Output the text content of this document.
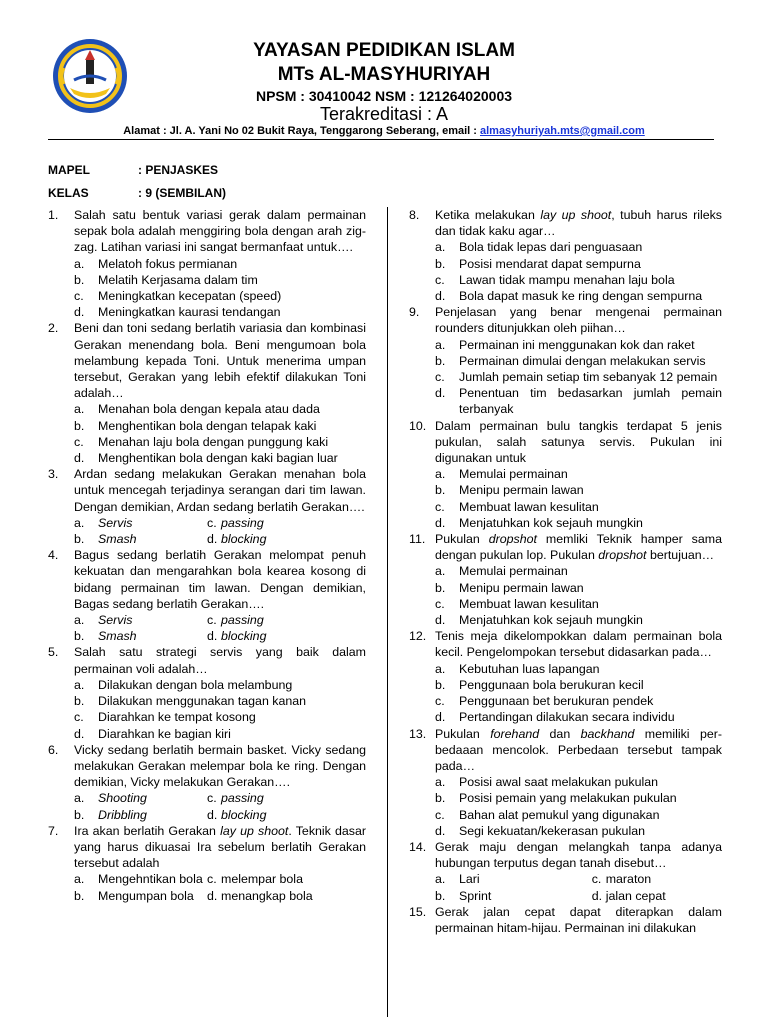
YAYASAN PEDIDIKAN ISLAM
MTs AL-MASYHURIYAH
NPSM : 30410042 NSM : 121264020003
Terakreditasi : A
Alamat : Jl. A. Yani No 02 Bukit Raya, Tenggarong Seberang, email : almasyhuriyah.mts@gmail.com
MAPEL	: PENJASKES
KELAS	: 9 (SEMBILAN)
1.	Salah satu bentuk variasi gerak dalam permainan sepak bola adalah menggiring bola dengan arah zig-zag. Latihan variasi ini sangat bermanfaat untuk….
a. Melatoh fokus permianan
b. Melatih Kerjasama dalam tim
c. Meningkatkan kecepatan (speed)
d. Meningkatkan kaurasi tendangan
2.	Beni dan toni sedang berlatih variasia dan kombinasi Gerakan menendang bola. Beni mengumoan bola melambung kepada Toni. Untuk menerima umpan tersebut, Gerakan yang lebih efektif dilakukan Toni adalah…
a. Menahan bola dengan kepala atau dada
b. Menghentikan bola dengan telapak kaki
c. Menahan laju bola dengan punggung kaki
d. Menghentikan bola dengan kaki bagian luar
3.	Ardan sedang melakukan Gerakan menahan bola untuk mencegah terjadinya serangan dari tim lawan. Dengan demikian, Ardan sedang berlatih Gerakan….
a.	Servis	c. passing
b.	Smash	d. blocking
4.	Bagus sedang berlatih Gerakan melompat penuh kekuatan dan mengarahkan bola kearea kosong di bidang permainan tim lawan. Dengan demikian, Bagas sedang berlatih Gerakan….
a.	Servis	c. passing
b.	Smash	d. blocking
5.	Salah satu strategi servis yang baik dalam permainan voli adalah…
a. Dilakukan dengan bola melambung
b. Dilakukan menggunakan tagan kanan
c. Diarahkan ke tempat kosong
d. Diarahkan ke bagian kiri
6.	Vicky sedang berlatih bermain basket. Vicky sedang melakukan Gerakan melempar bola ke ring. Dengan demikian, Vicky melakukan Gerakan….
a.	Shooting	c. passing
b.	Dribbling	d. blocking
7.	Ira akan berlatih Gerakan lay up shoot. Teknik dasar yang harus dikuasai Ira sebelum berlatih Gerakan tersebut adalah
a.	Mengehntikan bola c. melempar bola
b.	Mengumpan bola d. menangkap bola
8.	Ketika melakukan lay up shoot, tubuh harus rileks dan tidak kaku agar…
a. Bola tidak lepas dari penguasaan
b. Posisi mendarat dapat sempurna
c. Lawan tidak mampu menahan laju bola
d. Bola dapat masuk ke ring dengan sempurna
9.	Penjelasan yang benar mengenai permainan rounders ditunjukkan oleh piihan…
a. Permainan ini menggunakan kok dan raket
b. Permainan dimulai dengan melakukan servis
c. Jumlah pemain setiap tim sebanyak 12 pemain
d. Penentuan tim bedasarkan jumlah pemain terbanyak
10. Dalam permainan bulu tangkis terdapat 5 jenis pukulan, salah satunya servis. Pukulan ini digunakan untuk
a. Memulai permainan
b. Menipu permain lawan
c. Membuat lawan kesulitan
d. Menjatuhkan kok sejauh mungkin
11. Pukulan dropshot memliki Teknik hamper sama dengan pukulan lop. Pukulan dropshot bertujuan…
a. Memulai permainan
b. Menipu permain lawan
c. Membuat lawan kesulitan
d. Menjatuhkan kok sejauh mungkin
12. Tenis meja dikelompokkan dalam permainan bola kecil. Pengelompokan tersebut didasarkan pada…
a. Kebutuhan luas lapangan
b. Penggunaan bola berukuran kecil
c. Penggunaan bet berukuran pendek
d. Pertandingan dilakukan secara individu
13. Pukulan forehand dan backhand memiliki per-bedaaan mencolok. Perbedaan tersebut tampak pada…
a. Posisi awal saat melakukan pukulan
b. Posisi pemain yang melakukan pukulan
c. Bahan alat pemukul yang digunakan
d. Segi kekuatan/kekerasan pukulan
14. Gerak maju dengan melangkah tanpa adanya hubungan terputus degan tanah disebut…
a.	Lari	c. maraton
b.	Sprint	d. jalan cepat
15. Gerak jalan cepat dapat diterapkan dalam permainan hitam-hijau. Permainan ini dilakukan
